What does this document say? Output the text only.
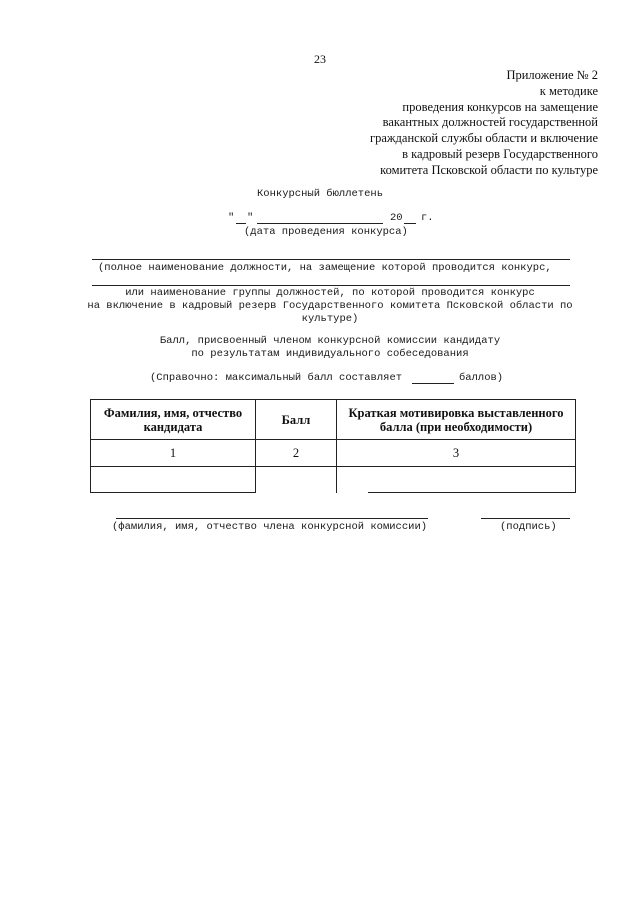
23
Приложение № 2
к методике
проведения конкурсов на замещение
вакантных должностей государственной
гражданской службы области и включение
в кадровый резерв Государственного
комитета Псковской области по культуре
Конкурсный бюллетень
" "	20 г.
(дата проведения конкурса)
(полное наименование должности, на замещение которой проводится конкурс,
или наименование группы должностей, по которой проводится конкурс
на включение в кадровый резерв Государственного комитета Псковской области по
культуре)
Балл, присвоенный членом конкурсной комиссии кандидату
по результатам индивидуального собеседования
(Справочно: максимальный балл составляет	баллов)
Фамилия, имя, отчество кандидата	Балл	Краткая мотивировка выставленного балла (при необходимости)
1	2	3
(фамилия, имя, отчество члена конкурсной комиссии)	(подпись)
